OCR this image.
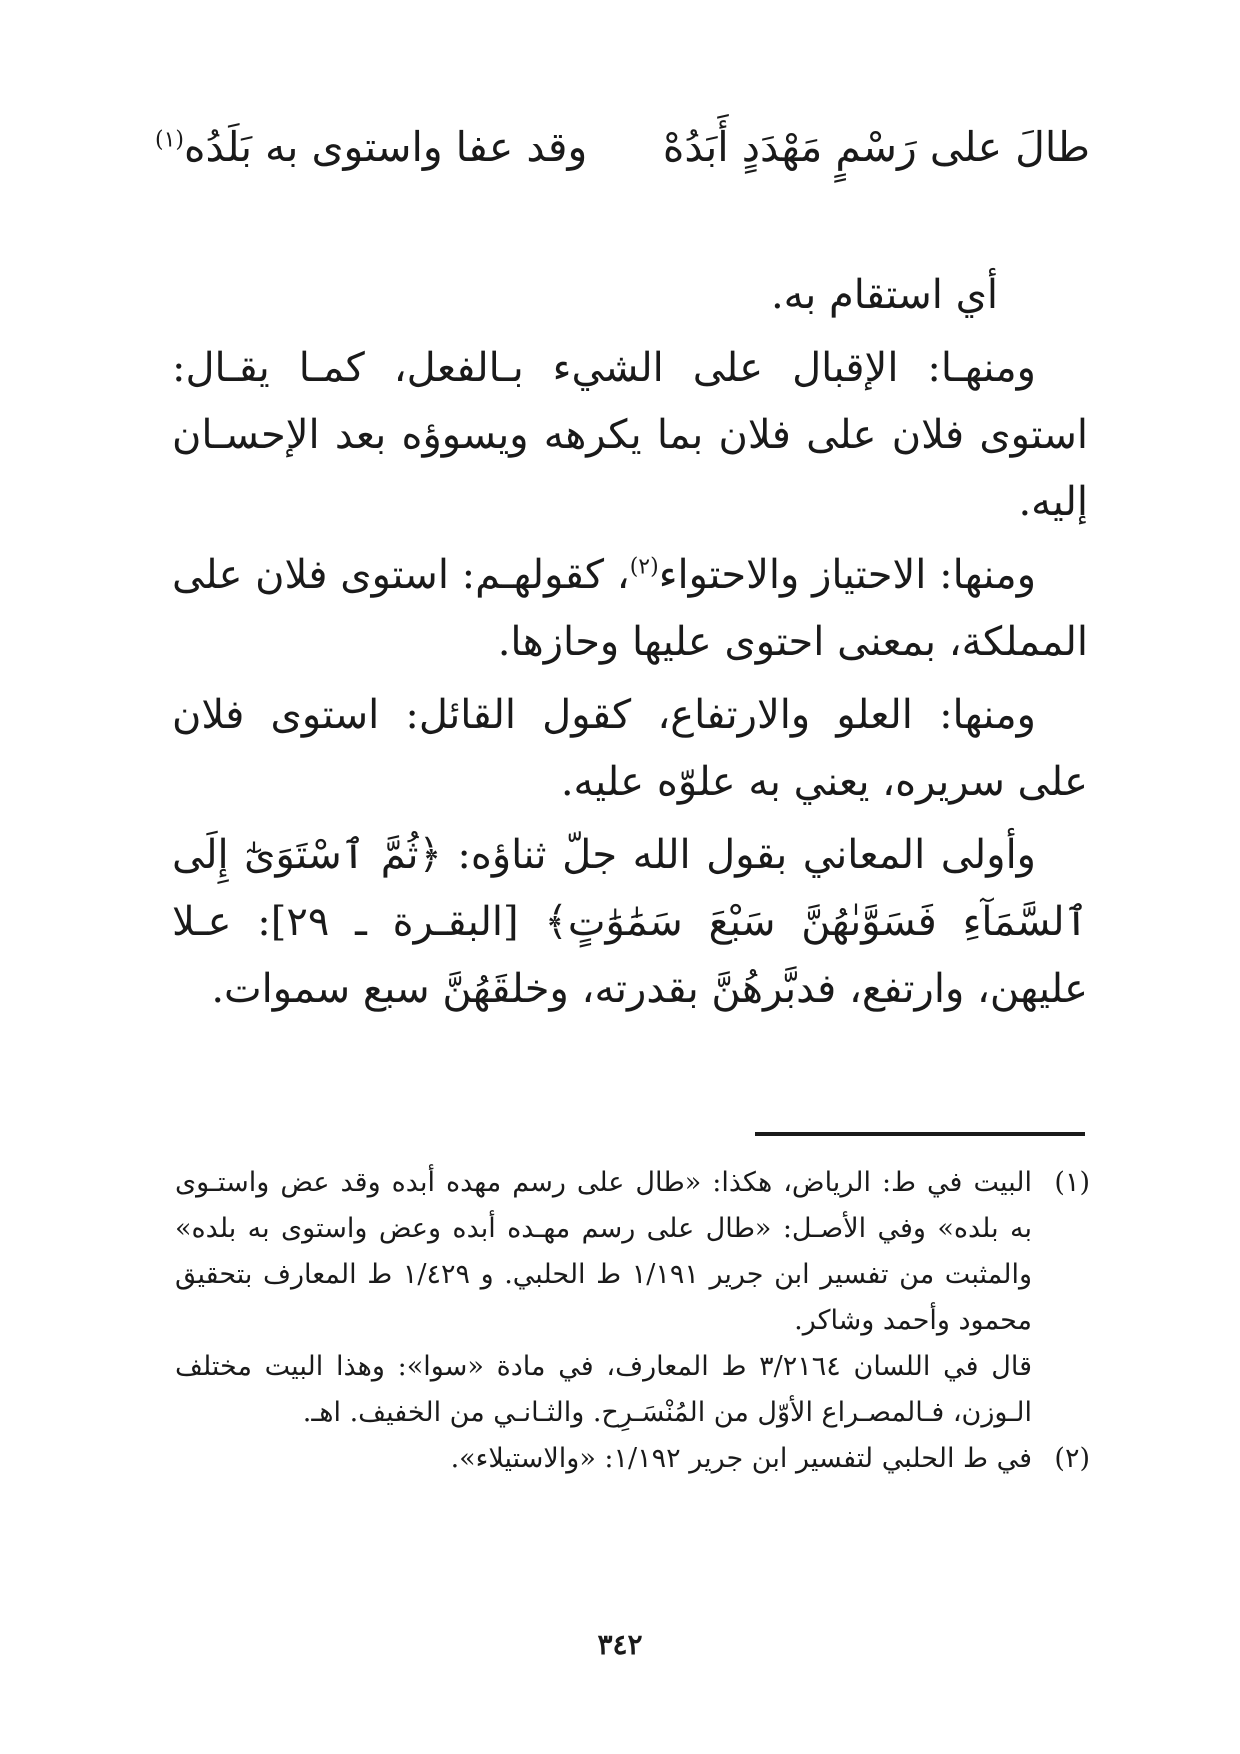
طالَ على رَسْمٍ مَهْدَدٍ أَبَدُهْ
وقد عفا واستوى به بَلَدُه$^{(١)}$

أي استقام به.

ومنهـا: الإقبال على الشيء بـالفعل، كمـا يقـال: استوى فلان على فلان بما يكرهه ويسوؤه بعد الإحسـان إليه.

ومنها: الاحتياز والاحتواء$^{(٢)}$، كقولهـم: استوى فلان على المملكة، بمعنى احتوى عليها وحازها.

ومنها: العلو والارتفاع، كقول القائل: استوى فلان على سريره، يعني به علوّه عليه.

وأولى المعاني بقول الله جلّ ثناؤه: ﴿ثُمَّ ٱسْتَوَىٰٓ إِلَى ٱلسَّمَآءِ فَسَوَّىٰهُنَّ سَبْعَ سَمَٰوَٰتٍ﴾ [البقـرة ـ ٢٩]: عـلا عليهن، وارتفع، فدبَّرهُنَّ بقدرته، وخلقَهُنَّ سبع سموات.

(١)

البيت في ط: الرياض، هكذا: «طال على رسم مهده أبده وقد عض واستـوى به بلده» وفي الأصـل: «طال على رسم مهـده أبده وعض واستوى به بلده» والمثبت من تفسير ابن جرير ١/١٩١ ط الحلبي. و ١/٤٢٩ ط المعارف بتحقيق محمود وأحمد وشاكر.

قال في اللسان ٣/٢١٦٤ ط المعارف، في مادة «سوا»: وهذا البيت مختلف الـوزن، فـالمصـراع الأوّل من المُنْسَـرِح. والثـانـي من الخفيف. اهـ.

(٢)

في ط الحلبي لتفسير ابن جرير ١/١٩٢: «والاستيلاء».

٣٤٢
